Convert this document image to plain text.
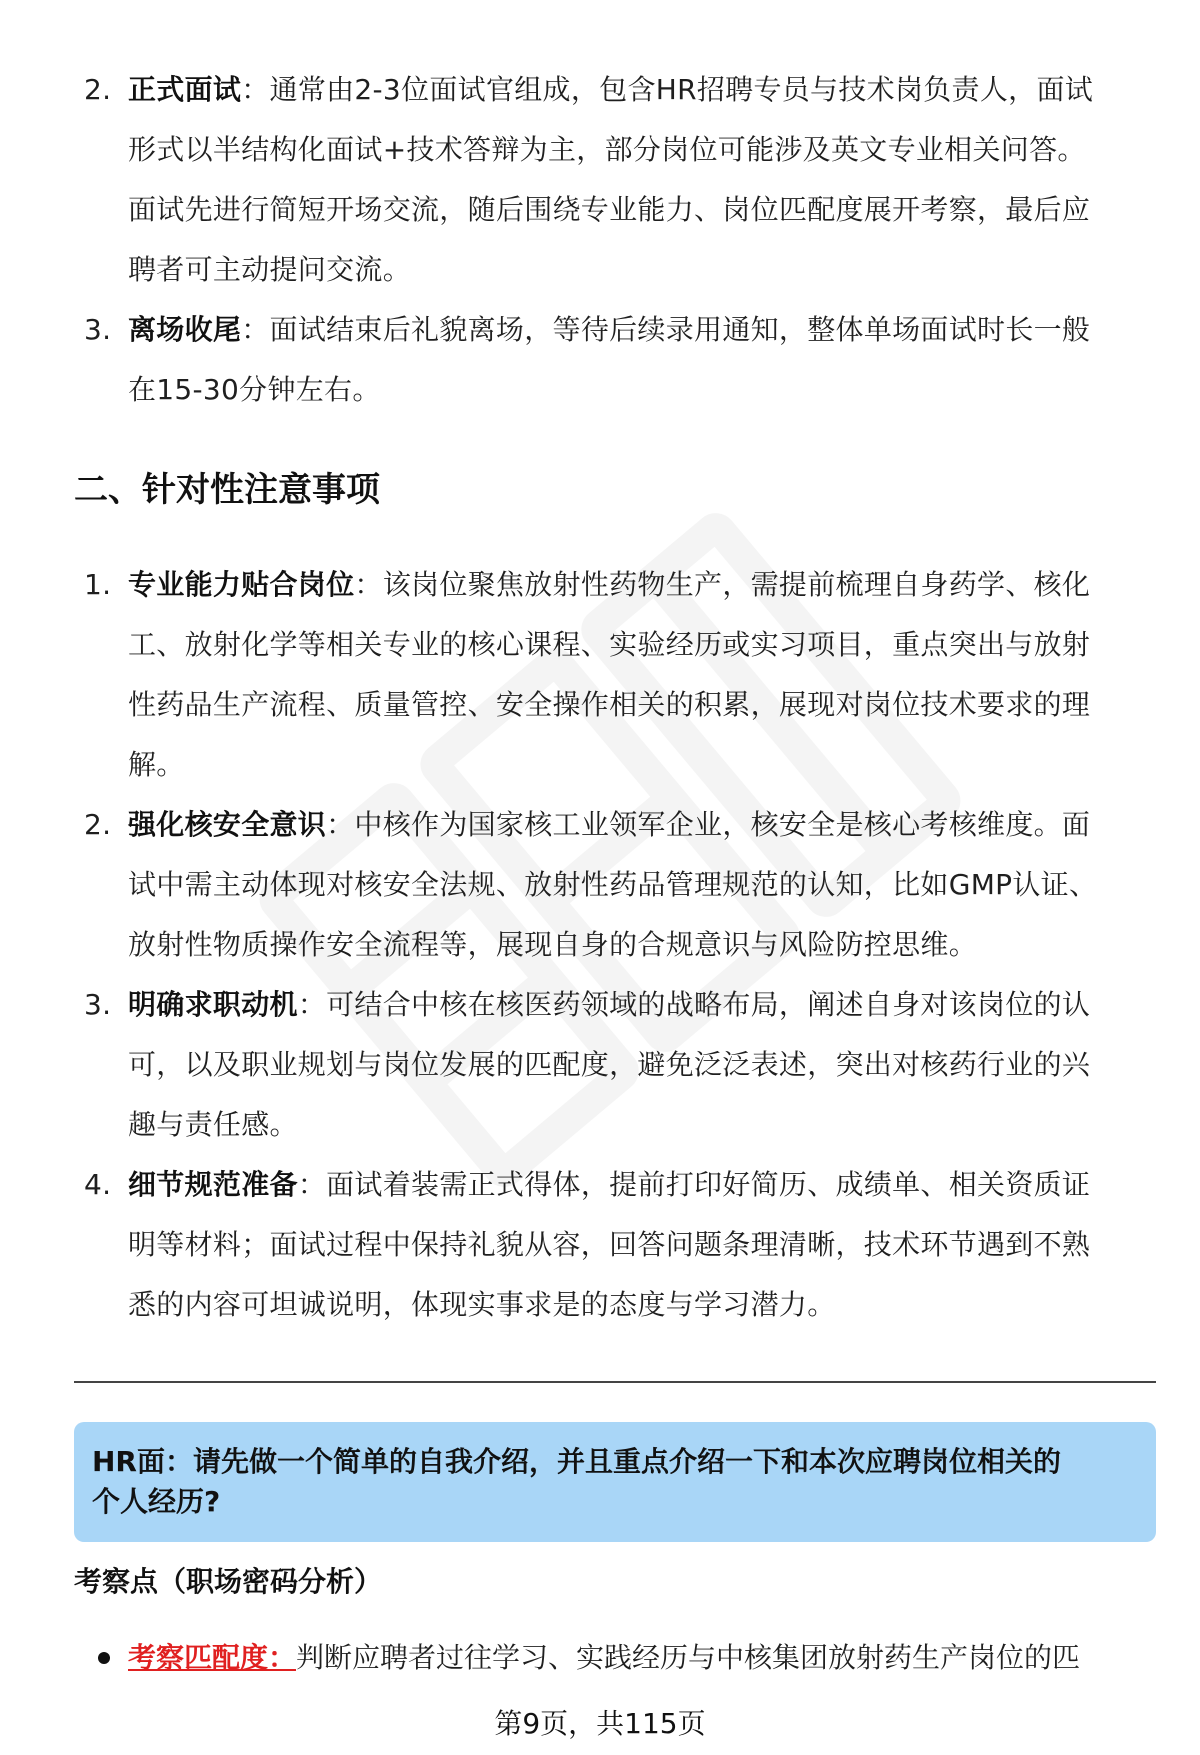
2. 正式面试：通常由2-3位面试官组成，包含HR招聘专员与技术岗负责人，面试
形式以半结构化面试+技术答辩为主，部分岗位可能涉及英文专业相关问答。
面试先进行简短开场交流，随后围绕专业能力、岗位匹配度展开考察，最后应
聘者可主动提问交流。
3. 离场收尾：面试结束后礼貌离场，等待后续录用通知，整体单场面试时长一般
在15-30分钟左右。
二、针对性注意事项
1. 专业能力贴合岗位：该岗位聚焦放射性药物生产，需提前梳理自身药学、核化
工、放射化学等相关专业的核心课程、实验经历或实习项目，重点突出与放射
性药品生产流程、质量管控、安全操作相关的积累，展现对岗位技术要求的理
解。
2. 强化核安全意识：中核作为国家核工业领军企业，核安全是核心考核维度。面
试中需主动体现对核安全法规、放射性药品管理规范的认知，比如GMP认证、
放射性物质操作安全流程等，展现自身的合规意识与风险防控思维。
3. 明确求职动机：可结合中核在核医药领域的战略布局，阐述自身对该岗位的认
可，以及职业规划与岗位发展的匹配度，避免泛泛表述，突出对核药行业的兴
趣与责任感。
4. 细节规范准备：面试着装需正式得体，提前打印好简历、成绩单、相关资质证
明等材料；面试过程中保持礼貌从容，回答问题条理清晰，技术环节遇到不熟
悉的内容可坦诚说明，体现实事求是的态度与学习潜力。
HR面：请先做一个简单的自我介绍，并且重点介绍一下和本次应聘岗位相关的
个人经历?
考察点（职场密码分析）
考察匹配度：判断应聘者过往学习、实践经历与中核集团放射药生产岗位的匹
第9页，共115页
